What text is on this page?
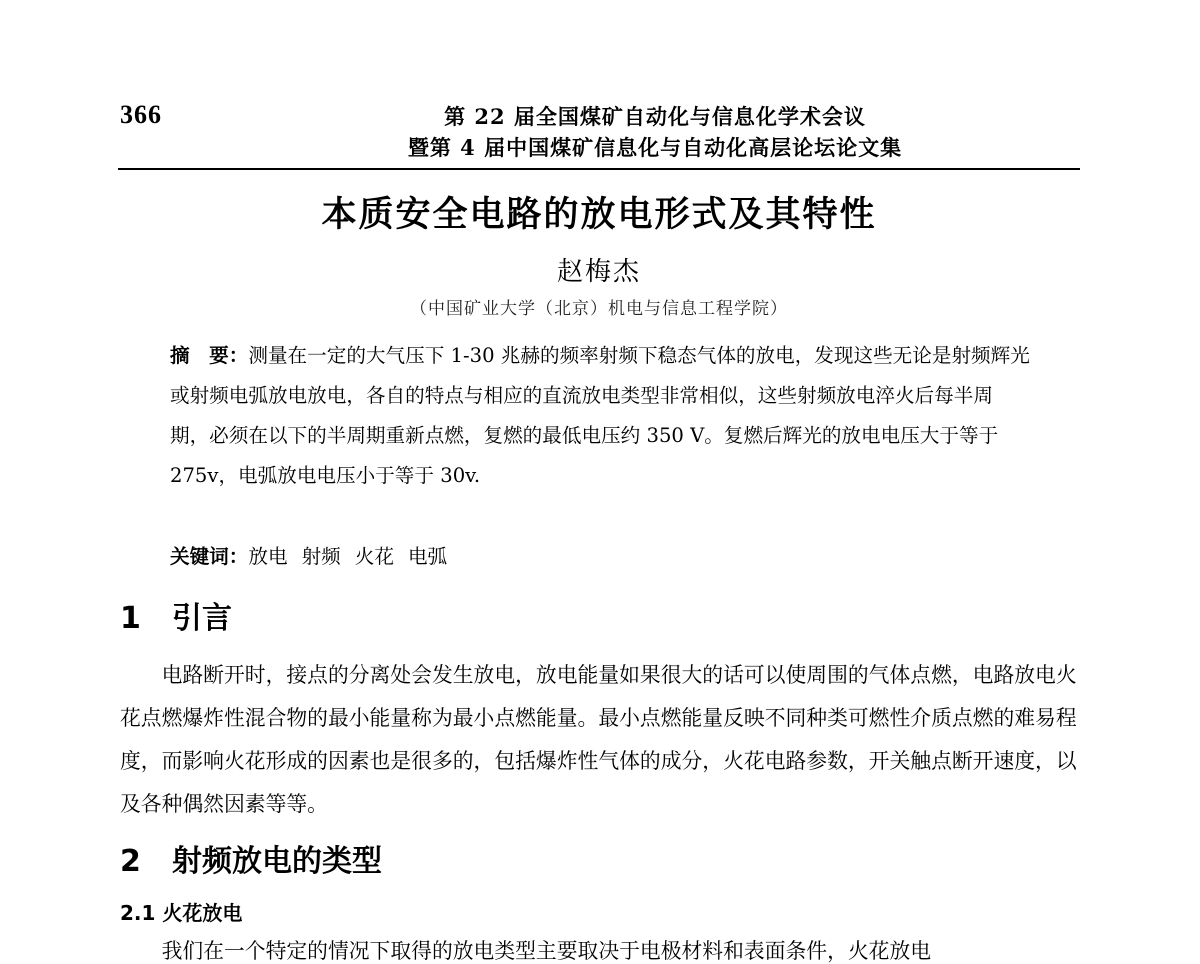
366	第 22 届全国煤矿自动化与信息化学术会议
暨第 4 届中国煤矿信息化与自动化高层论坛论文集
本质安全电路的放电形式及其特性
赵梅杰
（中国矿业大学（北京）机电与信息工程学院）

摘　要：测量在一定的大气压下 1-30 兆赫的频率射频下稳态气体的放电，发现这些无论是射频辉光或射频电弧放电放电，各自的特点与相应的直流放电类型非常相似，这些射频放电淬火后每半周期，必须在以下的半周期重新点燃，复燃的最低电压约 350 V。复燃后辉光的放电电压大于等于 275v，电弧放电电压小于等于 30v.

关键词：放电 射频 火花 电弧

1 引言

电路断开时，接点的分离处会发生放电，放电能量如果很大的话可以使周围的气体点燃，电路放电火花点燃爆炸性混合物的最小能量称为最小点燃能量。最小点燃能量反映不同种类可燃性介质点燃的难易程度，而影响火花形成的因素也是很多的，包括爆炸性气体的成分，火花电路参数，开关触点断开速度，以及各种偶然因素等等。

2 射频放电的类型
2.1 火花放电

我们在一个特定的情况下取得的放电类型主要取决于电极材料和表面条件，火花放电
